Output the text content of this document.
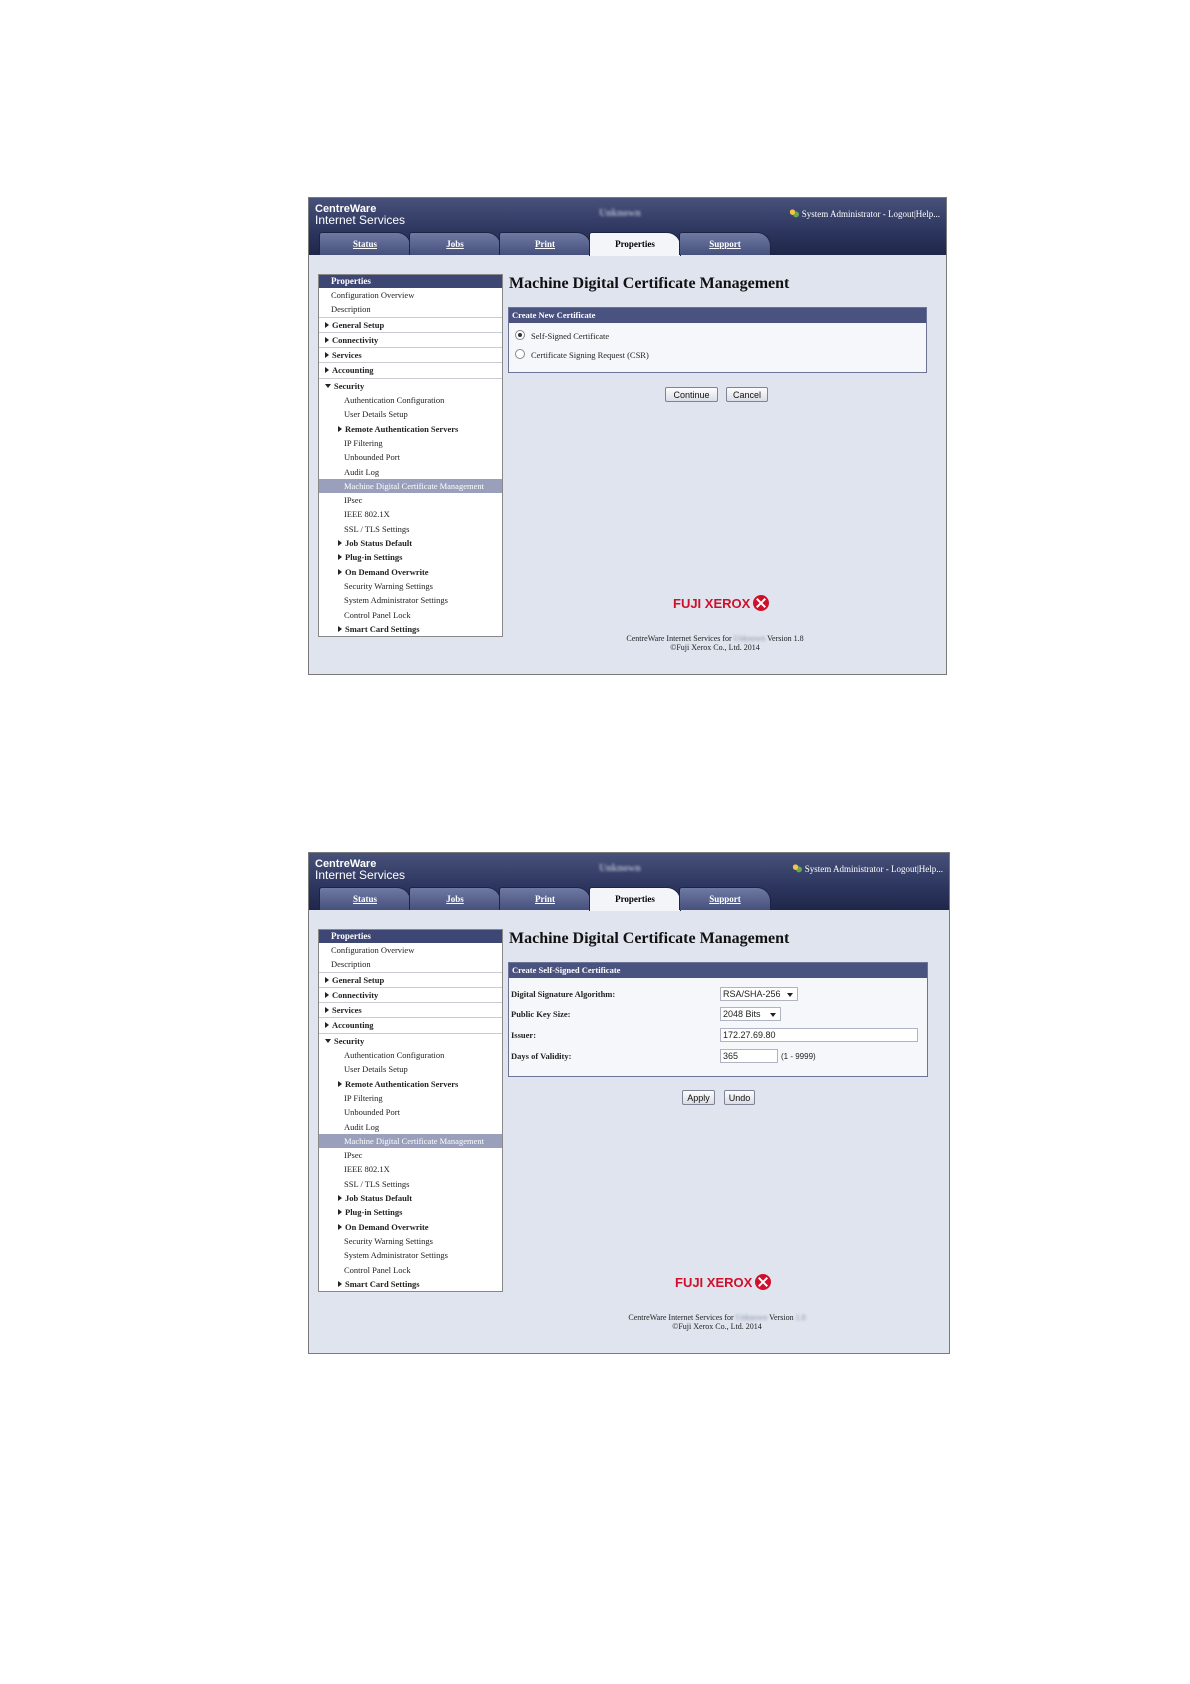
CentreWare
Internet Services	Unknown	System Administrator - Logout|Help...
Status	Jobs	Print	Properties	Support
Properties
Configuration Overview
Description
General Setup
Connectivity
Services
Accounting
Security
Authentication Configuration
User Details Setup
Remote Authentication Servers
IP Filtering
Unbounded Port
Audit Log
Machine Digital Certificate Management
IPsec
IEEE 802.1X
SSL / TLS Settings
Job Status Default
Plug-in Settings
On Demand Overwrite
Security Warning Settings
System Administrator Settings
Control Panel Lock
Smart Card Settings
Machine Digital Certificate Management
Create New Certificate
Self-Signed Certificate
Certificate Signing Request (CSR)
Continue	Cancel
FUJI XEROX
CentreWare Internet Services for Unknown Version 1.8
©Fuji Xerox Co., Ltd. 2014
CentreWare
Internet Services	Unknown	System Administrator - Logout|Help...
Status	Jobs	Print	Properties	Support
Properties
Configuration Overview
Description
General Setup
Connectivity
Services
Accounting
Security
Authentication Configuration
User Details Setup
Remote Authentication Servers
IP Filtering
Unbounded Port
Audit Log
Machine Digital Certificate Management
IPsec
IEEE 802.1X
SSL / TLS Settings
Job Status Default
Plug-in Settings
On Demand Overwrite
Security Warning Settings
System Administrator Settings
Control Panel Lock
Smart Card Settings
Machine Digital Certificate Management
Create Self-Signed Certificate
Digital Signature Algorithm:	RSA/SHA-256
Public Key Size:	2048 Bits
Issuer:	172.27.69.80
Days of Validity:	365	(1 - 9999)
Apply	Undo
FUJI XEROX
CentreWare Internet Services for Unknown Version 1.8
©Fuji Xerox Co., Ltd. 2014
